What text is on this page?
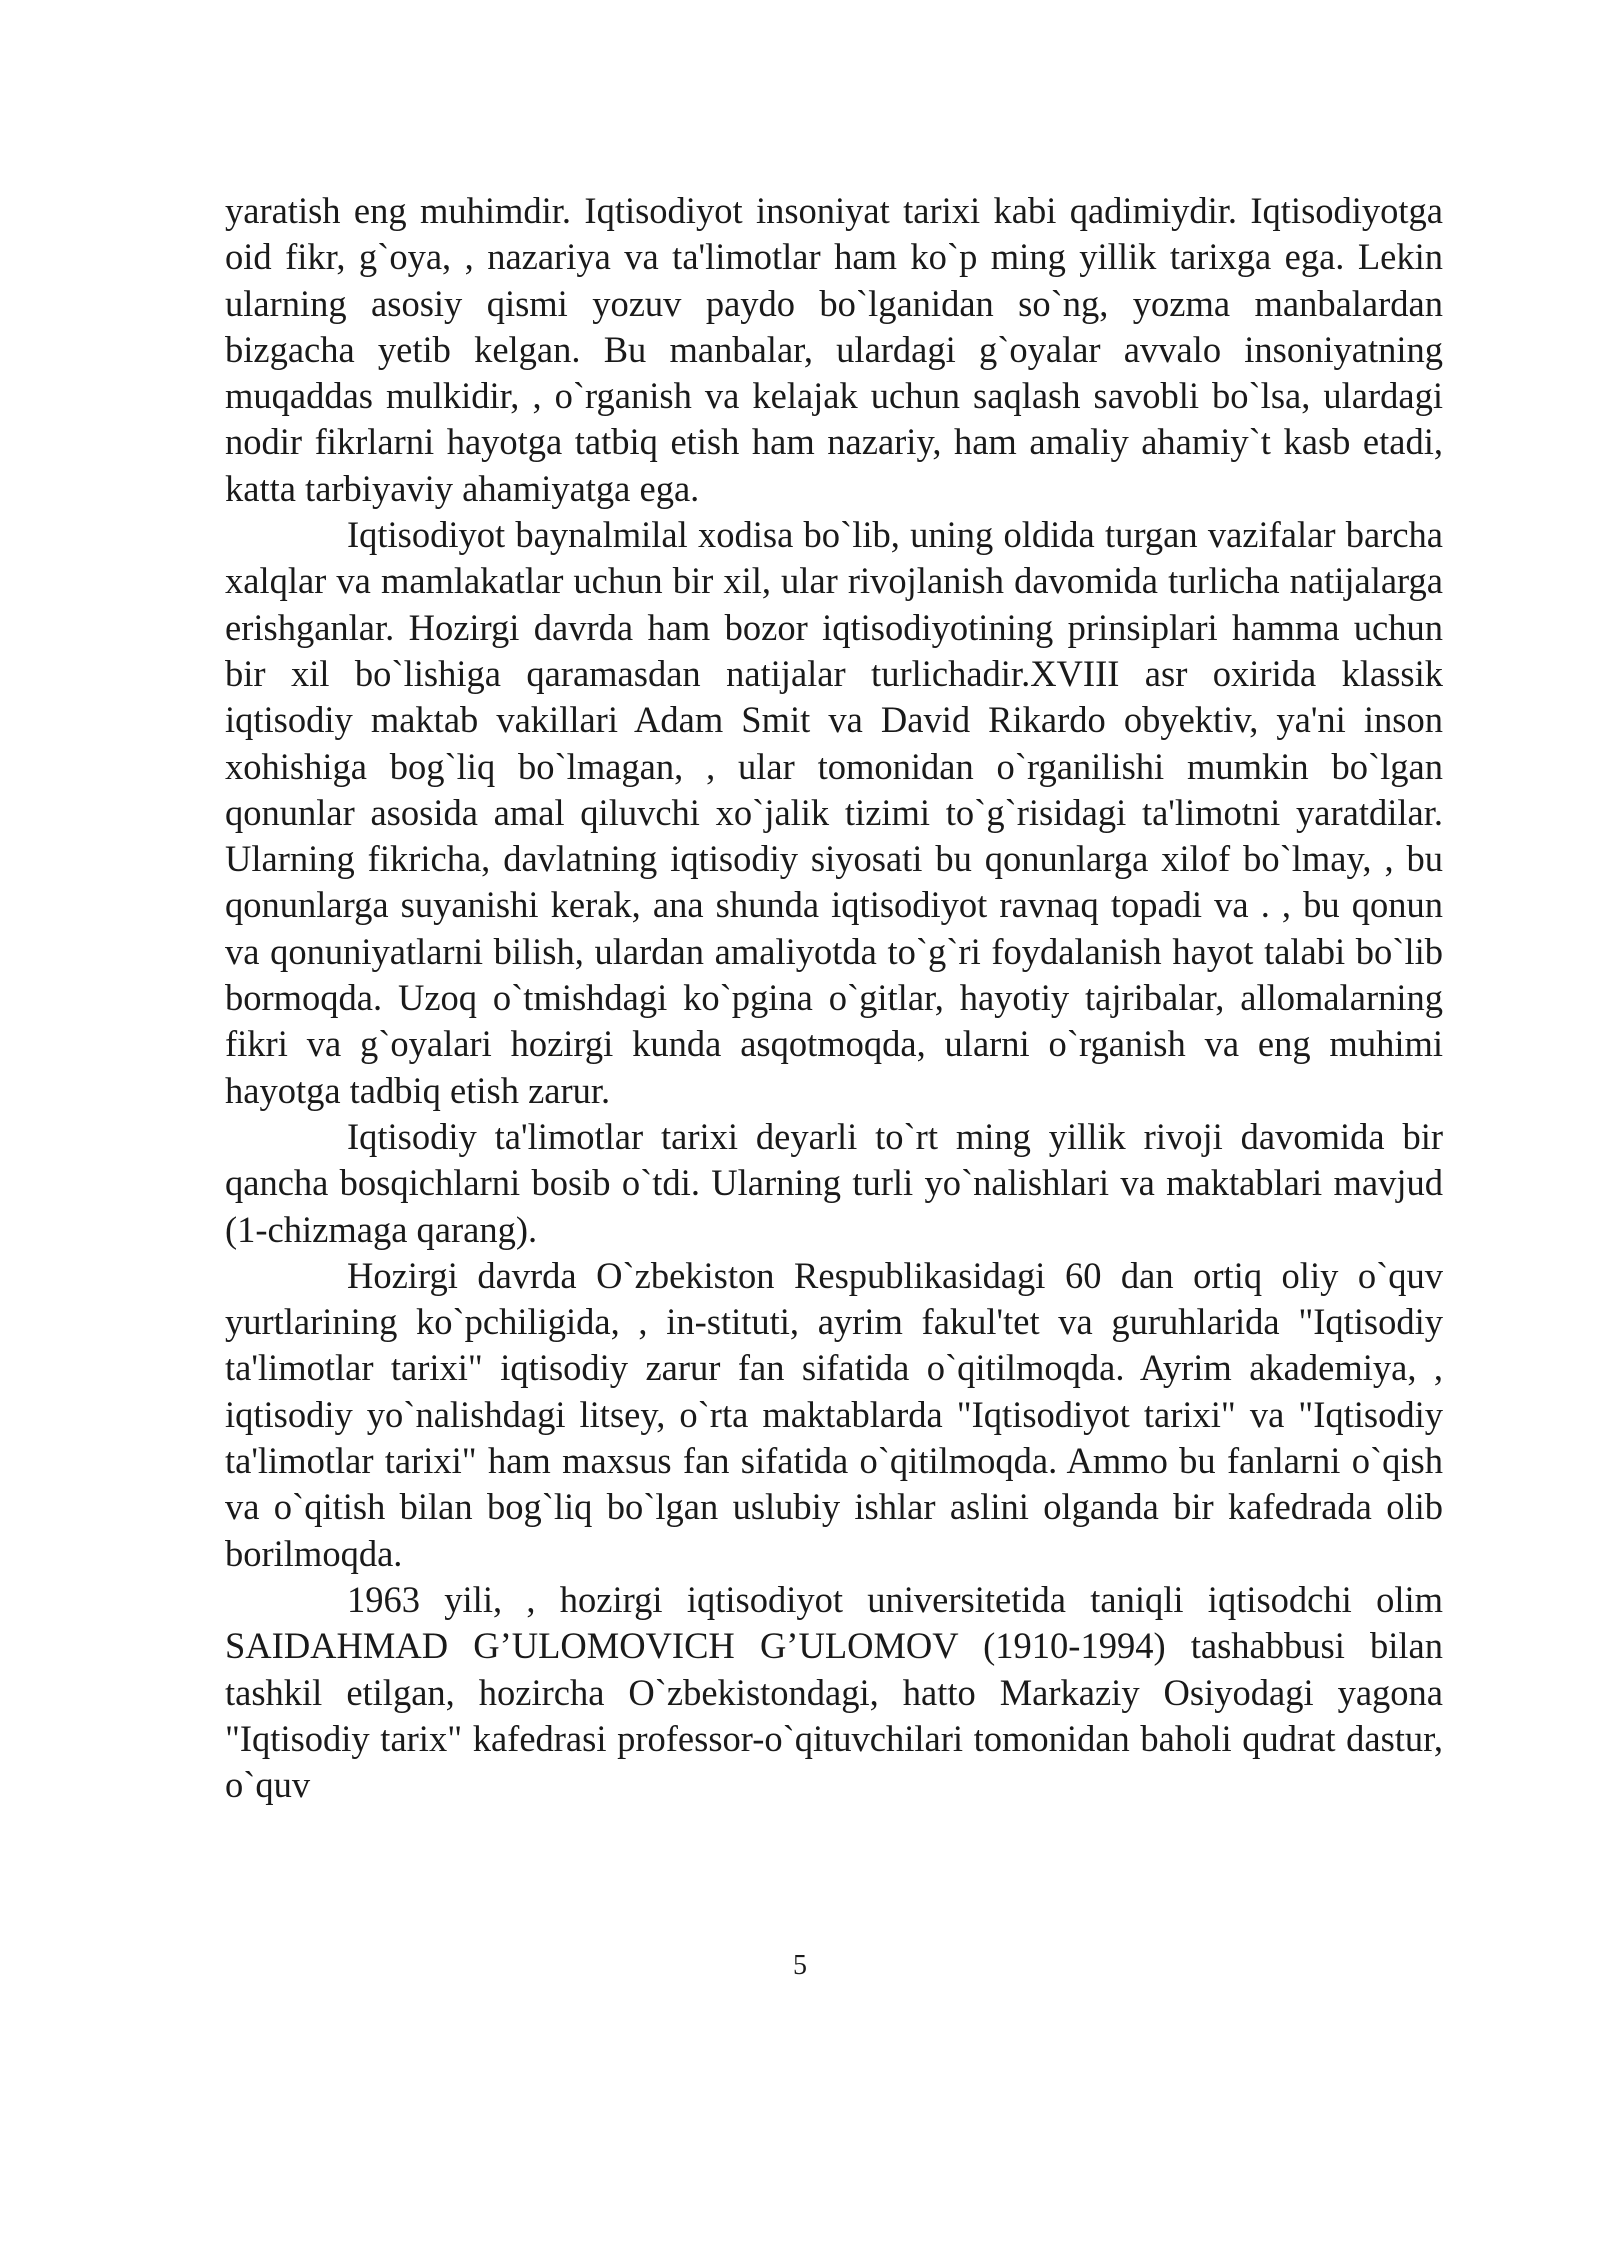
yaratish eng muhimdir. Iqtisodiyot insoniyat tarixi kabi qadimiydir. Iqtisodiyotga oid fikr, g`oya, , nazariya va ta'limotlar ham ko`p ming yillik tarixga ega. Lekin ularning asosiy qismi yozuv paydo bo`lganidan so`ng, yozma manbalardan bizgacha yetib kelgan. Bu manbalar, ulardagi g`oyalar avvalo insoniyatning muqaddas mulkidir, , o`rganish va kelajak uchun saqlash savobli bo`lsa, ulardagi nodir fikrlarni hayotga tatbiq etish ham nazariy, ham amaliy ahamiy`t kasb etadi, katta tarbiyaviy ahamiyatga ega.

Iqtisodiyot baynalmilal xodisa bo`lib, uning oldida turgan vazifalar barcha xalqlar va mamlakatlar uchun bir xil, ular rivojlanish davomida turlicha natijalarga erishganlar. Hozirgi davrda ham bozor iqtisodiyotining prinsiplari hamma uchun bir xil bo`lishiga qaramasdan natijalar turlichadir.XVIII asr oxirida klassik iqtisodiy maktab vakillari Adam Smit va David Rikardo obyektiv, ya'ni inson xohishiga bog`liq bo`lmagan, , ular tomonidan o`rganilishi mumkin bo`lgan qonunlar asosida amal qiluvchi xo`jalik tizimi to`g`risidagi ta'limotni yaratdilar. Ularning fikricha, davlatning iqtisodiy siyosati bu qonunlarga xilof bo`lmay, , bu qonunlarga suyanishi kerak, ana shunda iqtisodiyot ravnaq topadi va . , bu qonun va qonuniyatlarni bilish, ulardan amaliyotda to`g`ri foydalanish hayot talabi bo`lib bormoqda. Uzoq o`tmishdagi ko`pgina o`gitlar, hayotiy tajribalar, allomalarning fikri va g`oyalari hozirgi kunda asqotmoqda, ularni o`rganish va eng muhimi hayotga tadbiq etish zarur.

Iqtisodiy ta'limotlar tarixi deyarli to`rt ming yillik rivoji davomida bir qancha bosqichlarni bosib o`tdi. Ularning turli yo`nalishlari va maktablari mavjud (1-chizmaga qarang).

Hozirgi davrda O`zbekiston Respublikasidagi 60 dan ortiq oliy o`quv yurtlarining ko`pchiligida, , in-stituti, ayrim fakul'tet va guruhlarida "Iqtisodiy ta'limotlar tarixi" iqtisodiy zarur fan sifatida o`qitilmoqda. Ayrim akademiya, , iqtisodiy yo`nalishdagi litsey, o`rta maktablarda "Iqtisodiyot tarixi" va "Iqtisodiy ta'limotlar tarixi" ham maxsus fan sifatida o`qitilmoqda. Ammo bu fanlarni o`qish va o`qitish bilan bog`liq bo`lgan uslubiy ishlar aslini olganda bir kafedrada olib borilmoqda.

1963 yili, , hozirgi iqtisodiyot universitetida taniqli iqtisodchi olim SAIDAHMAD G’ULOMOVICH G’ULOMOV (1910-1994) tashabbusi bilan tashkil etilgan, hozircha O`zbekistondagi, hatto Markaziy Osiyodagi yagona "Iqtisodiy tarix" kafedrasi professor-o`qituvchilari tomonidan baholi qudrat dastur, o`quv

5
